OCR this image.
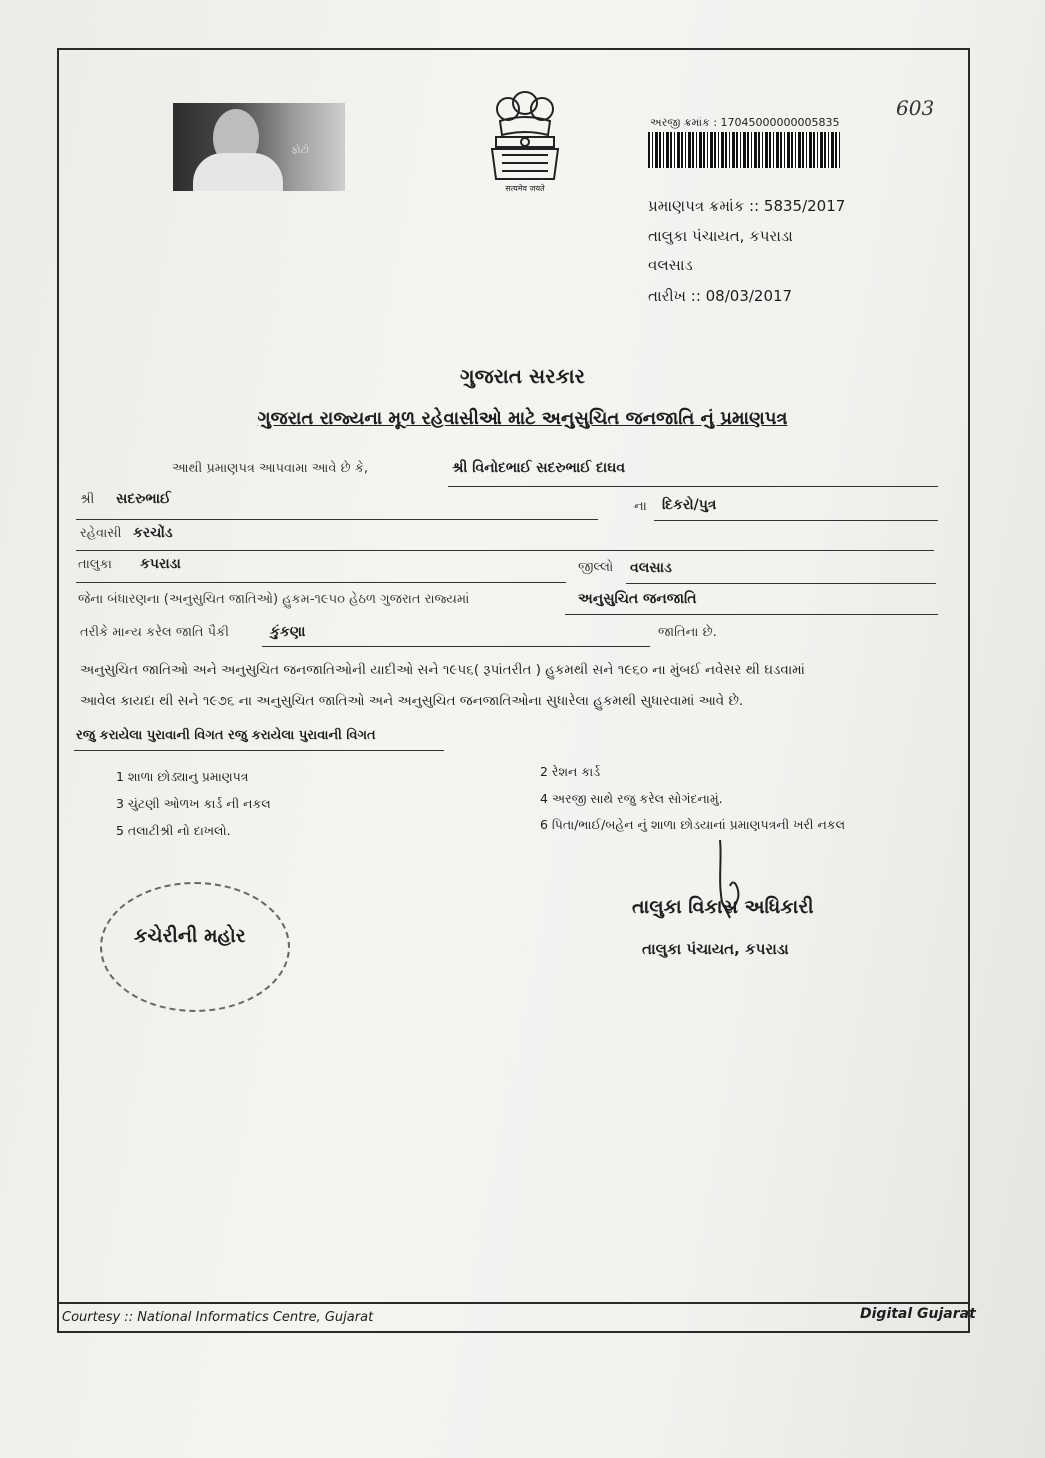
ફોટો
सत्यमेव जयते
અરજી ક્રમાંક : 17045000000005835
603
પ્રમાણપત્ર ક્રમાંક :: 5835/2017
તાલુકા પંચાયત, કપરાડા
વલસાડ
તારીખ :: 08/03/2017
ગુજરાત સરકાર
ગુજરાત રાજ્યના મૂળ રહેવાસીઓ માટે અનુસુચિત જનજાતિ નું પ્રમાણપત્ર
આથી પ્રમાણપત્ર આપવામા આવે છે કે,	શ્રી વિનોદભાઈ સદરુભાઈ દાઘવ
શ્રી સદરુભાઈ	ના દિકરો/પુત્ર
રહેવાસી કરચોંડ
તાલુકા કપરાડા	જીલ્લો વલસાડ
જેના બંધારણના (અનુસુચિત જાતિઓ) હુકમ-૧૯૫૦ હેઠળ ગુજરાત રાજ્યમાં	અનુસુચિત જનજાતિ
તરીકે માન્ય કરેલ જાતિ પૈકી	કુંકણા	જાતિના છે.
અનુસુચિત જાતિઓ અને અનુસુચિત જનજાતિઓની યાદીઓ સને ૧૯૫૬( રૂપાંતરીત ) હુકમથી સને ૧૯૬૦ ના મુંબઈ નવેસર થી ઘડવામાં
આવેલ કાયદા થી સને ૧૯૭૬ ના અનુસુચિત જાતિઓ અને અનુસુચિત જનજાતિઓના સુધારેલા હુકમથી સુધારવામાં આવે છે.
રજુ કરાયેલા પુરાવાની વિગત રજુ કરાયેલા પુરાવાની વિગત
1 શાળા છોડ્યાનુ પ્રમાણપત્ર	2 રેશન કાર્ડ
3 ચુંટણી ઓળખ કાર્ડ ની નકલ	4 અરજી સાથે રજુ કરેલ સોગંદનામું.
5 તલાટીશ્રી નો દાખલો.	6 પિતા/ભાઈ/બહેન નું શાળા છોડયાનાં પ્રમાણપત્રની ખરી નકલ
કચેરીની મહોર
તાલુકા વિકાસ અધિકારી
તાલુકા પંચાયત, કપરાડા
Courtesy :: National Informatics Centre, Gujarat	Digital Gujarat
